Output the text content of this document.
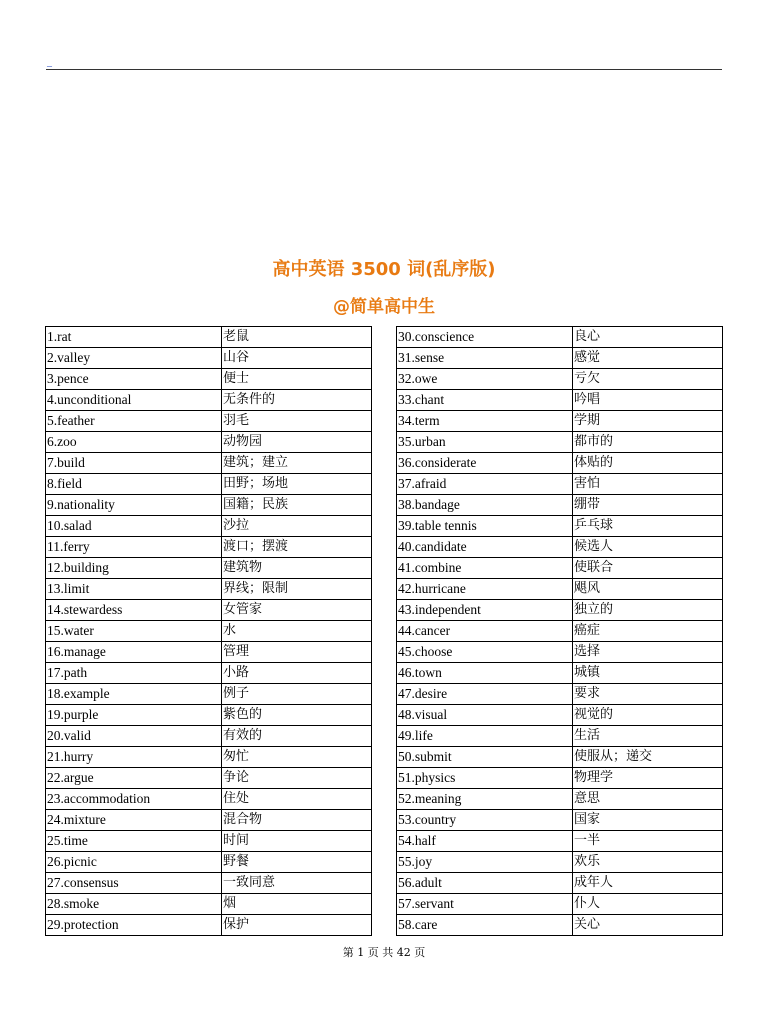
_
高中英语 3500 词(乱序版)
@简单高中生
1.rat	老鼠
2.valley	山谷
3.pence	便士
4.unconditional	无条件的
5.feather	羽毛
6.zoo	动物园
7.build	建筑；建立
8.field	田野；场地
9.nationality	国籍；民族
10.salad	沙拉
11.ferry	渡口；摆渡
12.building	建筑物
13.limit	界线；限制
14.stewardess	女管家
15.water	水
16.manage	管理
17.path	小路
18.example	例子
19.purple	紫色的
20.valid	有效的
21.hurry	匆忙
22.argue	争论
23.accommodation	住处
24.mixture	混合物
25.time	时间
26.picnic	野餐
27.consensus	一致同意
28.smoke	烟
29.protection	保护
30.conscience	良心
31.sense	感觉
32.owe	亏欠
33.chant	吟唱
34.term	学期
35.urban	都市的
36.considerate	体贴的
37.afraid	害怕
38.bandage	绷带
39.table tennis	乒乓球
40.candidate	候选人
41.combine	使联合
42.hurricane	飓风
43.independent	独立的
44.cancer	癌症
45.choose	选择
46.town	城镇
47.desire	要求
48.visual	视觉的
49.life	生活
50.submit	使服从；递交
51.physics	物理学
52.meaning	意思
53.country	国家
54.half	一半
55.joy	欢乐
56.adult	成年人
57.servant	仆人
58.care	关心
第 1 页 共 42 页
